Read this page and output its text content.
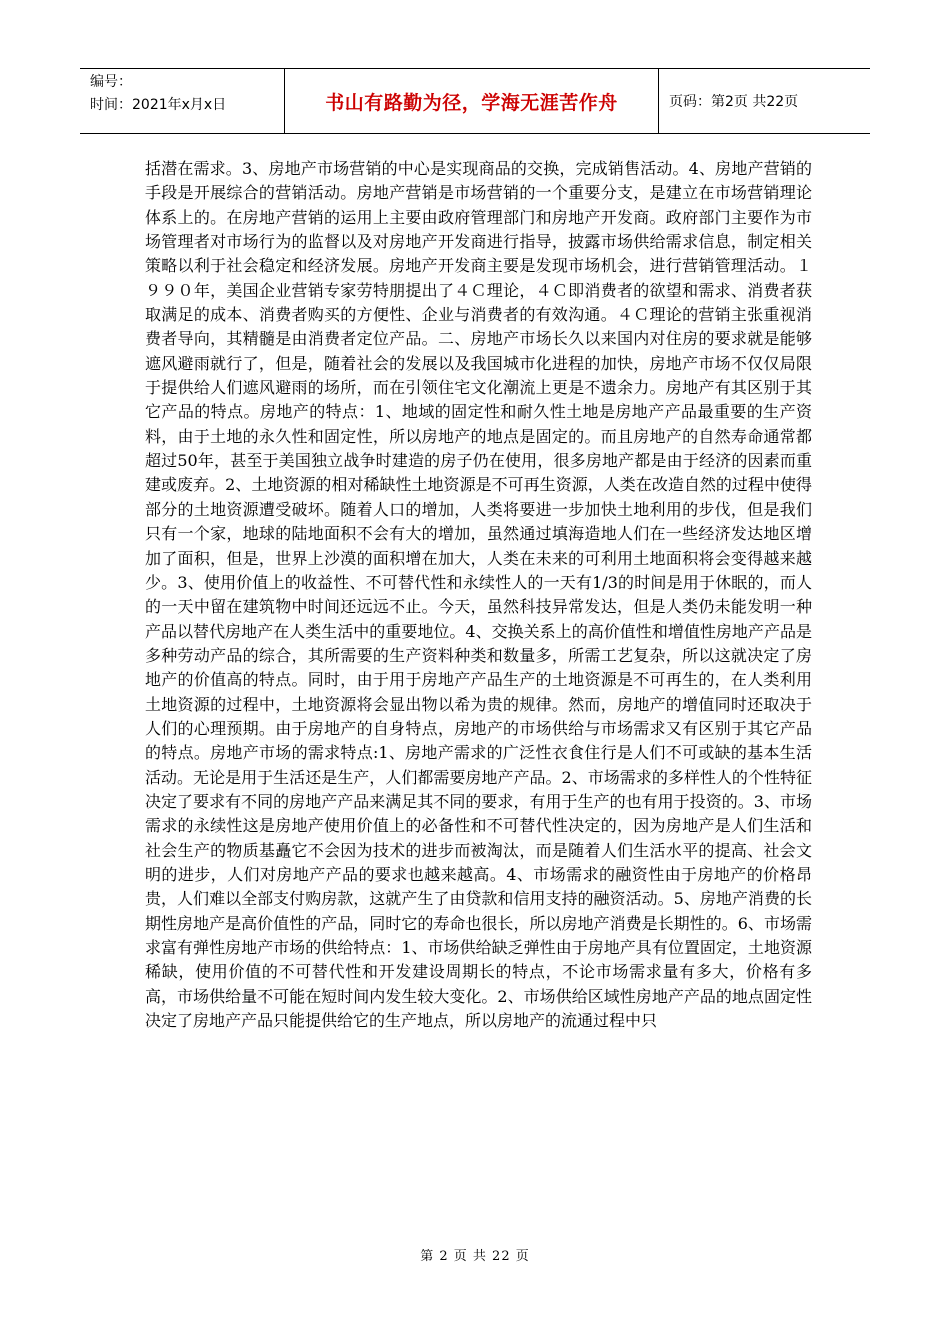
编号：
时间：2021年x月x日	书山有路勤为径，学海无涯苦作舟	页码：第2页 共22页

括潜在需求。3、房地产市场营销的中心是实现商品的交换，完成销售活动。4、房地产营销的手段是开展综合的营销活动。房地产营销是市场营销的一个重要分支，是建立在市场营销理论体系上的。在房地产营销的运用上主要由政府管理部门和房地产开发商。政府部门主要作为市场管理者对市场行为的监督以及对房地产开发商进行指导，披露市场供给需求信息，制定相关策略以利于社会稳定和经济发展。房地产开发商主要是发现市场机会，进行营销管理活动。１９９０年，美国企业营销专家劳特朋提出了４Ｃ理论，４Ｃ即消费者的欲望和需求、消费者获取满足的成本、消费者购买的方便性、企业与消费者的有效沟通。４Ｃ理论的营销主张重视消费者导向，其精髓是由消费者定位产品。二、房地产市场长久以来国内对住房的要求就是能够遮风避雨就行了，但是，随着社会的发展以及我国城市化进程的加快，房地产市场不仅仅局限于提供给人们遮风避雨的场所，而在引领住宅文化潮流上更是不遗余力。房地产有其区别于其它产品的特点。房地产的特点：1、地域的固定性和耐久性土地是房地产产品最重要的生产资料，由于土地的永久性和固定性，所以房地产的地点是固定的。而且房地产的自然寿命通常都超过50年，甚至于美国独立战争时建造的房子仍在使用，很多房地产都是由于经济的因素而重建或废弃。2、土地资源的相对稀缺性土地资源是不可再生资源，人类在改造自然的过程中使得部分的土地资源遭受破坏。随着人口的增加，人类将要进一步加快土地利用的步伐，但是我们只有一个家，地球的陆地面积不会有大的增加，虽然通过填海造地人们在一些经济发达地区增加了面积，但是，世界上沙漠的面积增在加大，人类在未来的可利用土地面积将会变得越来越少。3、使用价值上的收益性、不可替代性和永续性人的一天有1/3的时间是用于休眠的，而人的一天中留在建筑物中时间还远远不止。今天，虽然科技异常发达，但是人类仍未能发明一种产品以替代房地产在人类生活中的重要地位。4、交换关系上的高价值性和增值性房地产产品是多种劳动产品的综合，其所需要的生产资料种类和数量多，所需工艺复杂，所以这就决定了房地产的价值高的特点。同时，由于用于房地产产品生产的土地资源是不可再生的，在人类利用土地资源的过程中，土地资源将会显出物以希为贵的规律。然而，房地产的增值同时还取决于人们的心理预期。由于房地产的自身特点，房地产的市场供给与市场需求又有区别于其它产品的特点。房地产市场的需求特点:1、房地产需求的广泛性衣食住行是人们不可或缺的基本生活活动。无论是用于生活还是生产，人们都需要房地产产品。2、市场需求的多样性人的个性特征决定了要求有不同的房地产产品来满足其不同的要求，有用于生产的也有用于投资的。3、市场需求的永续性这是房地产使用价值上的必备性和不可替代性决定的，因为房地产是人们生活和社会生产的物质基矗它不会因为技术的进步而被淘汰，而是随着人们生活水平的提高、社会文明的进步，人们对房地产产品的要求也越来越高。4、市场需求的融资性由于房地产的价格昂贵，人们难以全部支付购房款，这就产生了由贷款和信用支持的融资活动。5、房地产消费的长期性房地产是高价值性的产品，同时它的寿命也很长，所以房地产消费是长期性的。6、市场需求富有弹性房地产市场的供给特点：1、市场供给缺乏弹性由于房地产具有位置固定，土地资源稀缺，使用价值的不可替代性和开发建设周期长的特点，不论市场需求量有多大，价格有多高，市场供给量不可能在短时间内发生较大变化。2、市场供给区域性房地产产品的地点固定性决定了房地产产品只能提供给它的生产地点，所以房地产的流通过程中只

第 2 页 共 22 页
